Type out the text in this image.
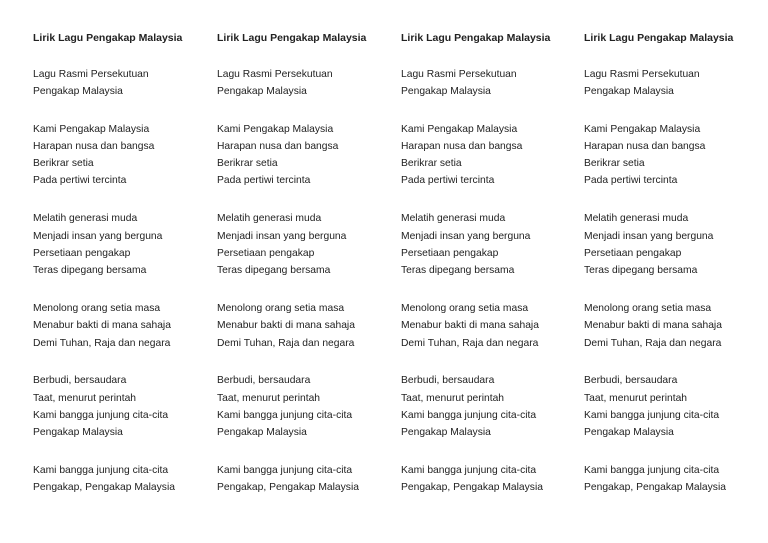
Lirik Lagu Pengakap Malaysia
Lagu Rasmi Persekutuan
Pengakap Malaysia
Kami Pengakap Malaysia
Harapan nusa dan bangsa
Berikrar setia
Pada pertiwi tercinta
Melatih generasi muda
Menjadi insan yang berguna
Persetiaan pengakap
Teras dipegang bersama
Menolong orang setia masa
Menabur bakti di mana sahaja
Demi Tuhan, Raja dan negara
Berbudi, bersaudara
Taat, menurut perintah
Kami bangga junjung cita-cita
Pengakap Malaysia
Kami bangga junjung cita-cita
Pengakap, Pengakap Malaysia
Lirik Lagu Pengakap Malaysia
Lagu Rasmi Persekutuan
Pengakap Malaysia
Kami Pengakap Malaysia
Harapan nusa dan bangsa
Berikrar setia
Pada pertiwi tercinta
Melatih generasi muda
Menjadi insan yang berguna
Persetiaan pengakap
Teras dipegang bersama
Menolong orang setia masa
Menabur bakti di mana sahaja
Demi Tuhan, Raja dan negara
Berbudi, bersaudara
Taat, menurut perintah
Kami bangga junjung cita-cita
Pengakap Malaysia
Kami bangga junjung cita-cita
Pengakap, Pengakap Malaysia
Lirik Lagu Pengakap Malaysia
Lagu Rasmi Persekutuan
Pengakap Malaysia
Kami Pengakap Malaysia
Harapan nusa dan bangsa
Berikrar setia
Pada pertiwi tercinta
Melatih generasi muda
Menjadi insan yang berguna
Persetiaan pengakap
Teras dipegang bersama
Menolong orang setia masa
Menabur bakti di mana sahaja
Demi Tuhan, Raja dan negara
Berbudi, bersaudara
Taat, menurut perintah
Kami bangga junjung cita-cita
Pengakap Malaysia
Kami bangga junjung cita-cita
Pengakap, Pengakap Malaysia
Lirik Lagu Pengakap Malaysia
Lagu Rasmi Persekutuan
Pengakap Malaysia
Kami Pengakap Malaysia
Harapan nusa dan bangsa
Berikrar setia
Pada pertiwi tercinta
Melatih generasi muda
Menjadi insan yang berguna
Persetiaan pengakap
Teras dipegang bersama
Menolong orang setia masa
Menabur bakti di mana sahaja
Demi Tuhan, Raja dan negara
Berbudi, bersaudara
Taat, menurut perintah
Kami bangga junjung cita-cita
Pengakap Malaysia
Kami bangga junjung cita-cita
Pengakap, Pengakap Malaysia
